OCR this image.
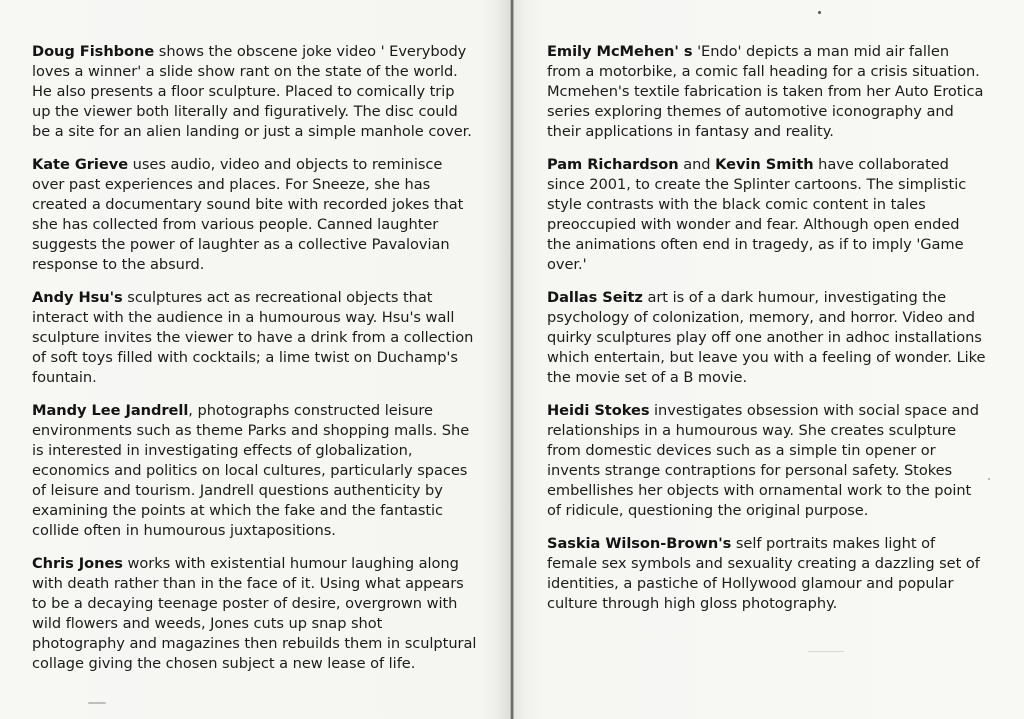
Doug Fishbone shows the obscene joke video ' Everybody loves a winner' a slide show rant on the state of the world. He also presents a floor sculpture. Placed to comically trip up the viewer both literally and figuratively. The disc could be a site for an alien landing or just a simple manhole cover.

Kate Grieve uses audio, video and objects to reminisce over past experiences and places. For Sneeze, she has created a documentary sound bite with recorded jokes that she has collected from various people. Canned laughter suggests the power of laughter as a collective Pavalovian response to the absurd.

Andy Hsu's sculptures act as recreational objects that interact with the audience in a humourous way. Hsu's wall sculpture invites the viewer to have a drink from a collection of soft toys filled with cocktails; a lime twist on Duchamp's fountain.

Mandy Lee Jandrell, photographs constructed leisure environments such as theme Parks and shopping malls. She is interested in investigating effects of globalization, economics and politics on local cultures, particularly spaces of leisure and tourism. Jandrell questions authenticity by examining the points at which the fake and the fantastic collide often in humourous juxtapositions.

Chris Jones works with existential humour laughing along with death rather than in the face of it. Using what appears to be a decaying teenage poster of desire, overgrown with wild flowers and weeds, Jones cuts up snap shot photography and magazines then rebuilds them in sculptural collage giving the chosen subject a new lease of life.

Emily McMehen' s 'Endo' depicts a man mid air fallen from a motorbike, a comic fall heading for a crisis situation. Mcmehen's textile fabrication is taken from her Auto Erotica series exploring themes of automotive iconography and their applications in fantasy and reality.

Pam Richardson and Kevin Smith have collaborated since 2001, to create the Splinter cartoons. The simplistic style contrasts with the black comic content in tales preoccupied with wonder and fear. Although open ended the animations often end in tragedy, as if to imply 'Game over.'

Dallas Seitz art is of a dark humour, investigating the psychology of colonization, memory, and horror. Video and quirky sculptures play off one another in adhoc installations which entertain, but leave you with a feeling of wonder. Like the movie set of a B movie.

Heidi Stokes investigates obsession with social space and relationships in a humourous way. She creates sculpture from domestic devices such as a simple tin opener or invents strange contraptions for personal safety. Stokes embellishes her objects with ornamental work to the point of ridicule, questioning the original purpose.

Saskia Wilson-Brown's self portraits makes light of female sex symbols and sexuality creating a dazzling set of identities, a pastiche of Hollywood glamour and popular culture through high gloss photography.
